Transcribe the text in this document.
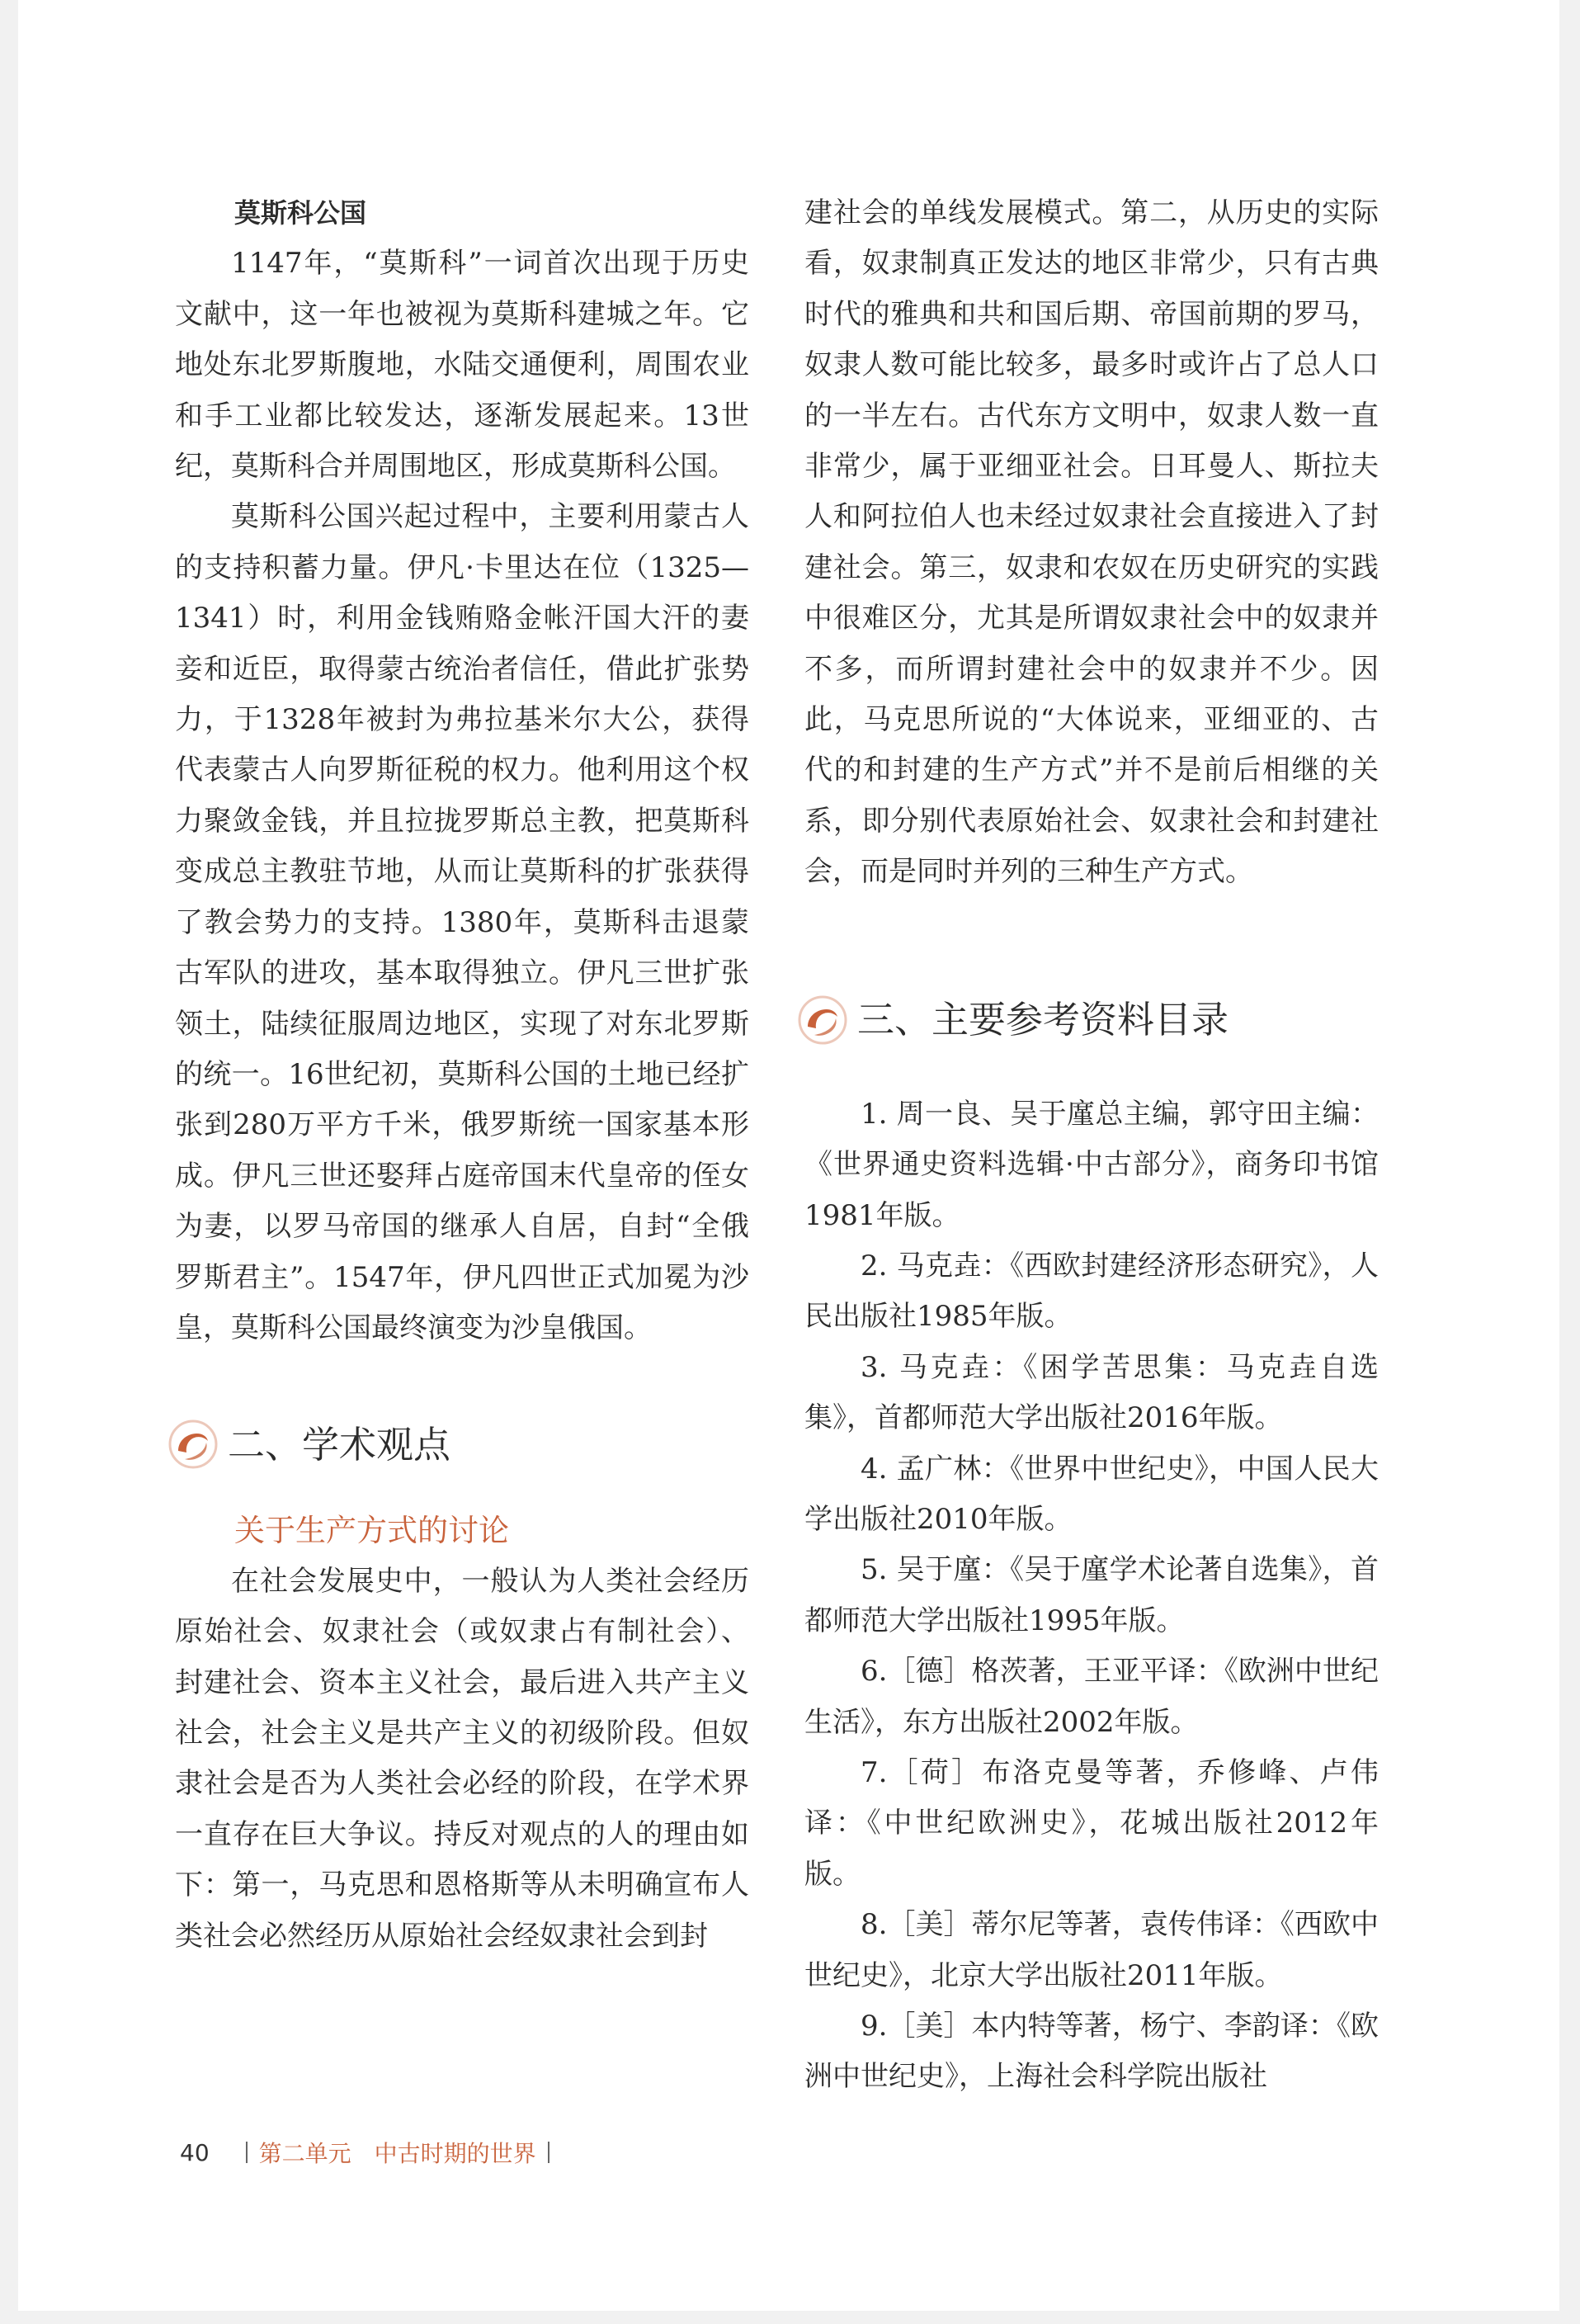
莫斯科公国

1147年，“莫斯科”一词首次出现于历史文献中，这一年也被视为莫斯科建城之年。它地处东北罗斯腹地，水陆交通便利，周围农业和手工业都比较发达，逐渐发展起来。13世纪，莫斯科合并周围地区，形成莫斯科公国。

莫斯科公国兴起过程中，主要利用蒙古人的支持积蓄力量。伊凡·卡里达在位（1325—1341）时，利用金钱贿赂金帐汗国大汗的妻妾和近臣，取得蒙古统治者信任，借此扩张势力，于1328年被封为弗拉基米尔大公，获得代表蒙古人向罗斯征税的权力。他利用这个权力聚敛金钱，并且拉拢罗斯总主教，把莫斯科变成总主教驻节地，从而让莫斯科的扩张获得了教会势力的支持。1380年，莫斯科击退蒙古军队的进攻，基本取得独立。伊凡三世扩张领土，陆续征服周边地区，实现了对东北罗斯的统一。16世纪初，莫斯科公国的土地已经扩张到280万平方千米，俄罗斯统一国家基本形成。伊凡三世还娶拜占庭帝国末代皇帝的侄女为妻，以罗马帝国的继承人自居，自封“全俄罗斯君主”。1547年，伊凡四世正式加冕为沙皇，莫斯科公国最终演变为沙皇俄国。

二、学术观点

关于生产方式的讨论

在社会发展史中，一般认为人类社会经历原始社会、奴隶社会（或奴隶占有制社会）、封建社会、资本主义社会，最后进入共产主义社会，社会主义是共产主义的初级阶段。但奴隶社会是否为人类社会必经的阶段，在学术界一直存在巨大争议。持反对观点的人的理由如下：第一，马克思和恩格斯等从未明确宣布人类社会必然经历从原始社会经奴隶社会到封

建社会的单线发展模式。第二，从历史的实际看，奴隶制真正发达的地区非常少，只有古典时代的雅典和共和国后期、帝国前期的罗马，奴隶人数可能比较多，最多时或许占了总人口的一半左右。古代东方文明中，奴隶人数一直非常少，属于亚细亚社会。日耳曼人、斯拉夫人和阿拉伯人也未经过奴隶社会直接进入了封建社会。第三，奴隶和农奴在历史研究的实践中很难区分，尤其是所谓奴隶社会中的奴隶并不多，而所谓封建社会中的奴隶并不少。因此，马克思所说的“大体说来，亚细亚的、古代的和封建的生产方式”并不是前后相继的关系，即分别代表原始社会、奴隶社会和封建社会，而是同时并列的三种生产方式。

三、主要参考资料目录

1. 周一良、吴于廑总主编，郭守田主编：《世界通史资料选辑·中古部分》，商务印书馆1981年版。

2. 马克垚：《西欧封建经济形态研究》，人民出版社1985年版。

3. 马克垚：《困学苦思集：马克垚自选集》，首都师范大学出版社2016年版。

4. 孟广林：《世界中世纪史》，中国人民大学出版社2010年版。

5. 吴于廑：《吴于廑学术论著自选集》，首都师范大学出版社1995年版。

6.［德］格茨著，王亚平译：《欧洲中世纪生活》，东方出版社2002年版。

7.［荷］布洛克曼等著，乔修峰、卢伟译：《中世纪欧洲史》，花城出版社2012年版。

8.［美］蒂尔尼等著，袁传伟译：《西欧中世纪史》，北京大学出版社2011年版。

9.［美］本内特等著，杨宁、李韵译：《欧洲中世纪史》，上海社会科学院出版社

40 第二单元 中古时期的世界
